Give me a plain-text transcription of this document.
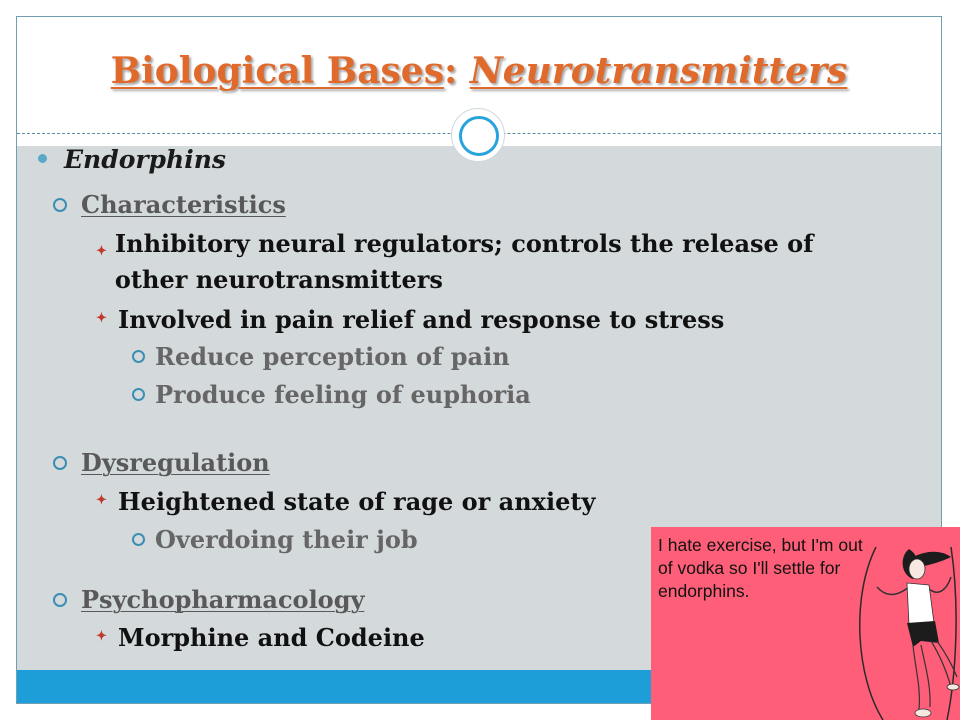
Biological Bases: Neurotransmitters
Endorphins
Characteristics
✦ Inhibitory neural regulators; controls the release of other neurotransmitters
✦ Involved in pain relief and response to stress
Reduce perception of pain
Produce feeling of euphoria
Dysregulation
✦ Heightened state of rage or anxiety
Overdoing their job
Psychopharmacology
✦ Morphine and Codeine
I hate exercise, but I'm out of vodka so I'll settle for endorphins.
